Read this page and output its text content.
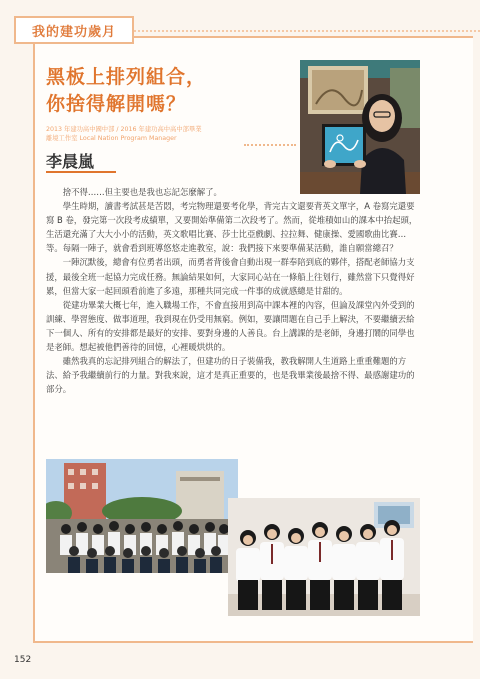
我的建功歲月
黑板上排列組合，
你捨得解開嗎？
2013 年建功高中國中部 / 2016 年建功高中高中部畢業
離境工作室 Local Nation Program Manager
李晨嵐

捨不得……但主要也是我也忘記怎麼解了。

學生時期，讀書考試甚是苦悶，考完物理還要考化學，背完古文還要背英文單字，A 卷寫完還要寫 B 卷，發完第一次段考成績單，又要開始準備第二次段考了。然而，從堆積如山的課本中抬起頭，生活還充滿了大大小小的活動，英文歌唱比賽、莎士比亞戲劇、拉拉舞、健康操、愛國歌曲比賽…等。每隔一陣子，就會看到班導悠悠走進教室，說：我們接下來要準備某活動，誰自願當總召？

一陣沉默後，總會有位勇者出頭，而勇者背後會自動出現一群奉陪到底的夥伴，搭配老師協力支援，最後全班一起協力完成任務。無論結果如何，大家同心站在一條船上往划行，雖然當下只覺得好累，但當大家一起回頭看前進了多遠，那種共同完成一件事的成就感總是甘甜的。

從建功畢業大概七年，進入職場工作，不會直接用到高中課本裡的內容，但論及課堂內外受到的訓練、學習態度、做事道理，我到現在仍受用無窮。例如，要讓問題在自己手上解決，不要繼續丟給下一個人、所有的安排都是最好的安排、要對身邊的人善良。台上講課的是老師，身邊打鬧的同學也是老師。想起被他們善待的回憶，心裡暖烘烘的。

雖然我真的忘記排列組合的解法了，但建功的日子裝備我，教我解開人生道路上重重難題的方法、給予我繼續前行的力量。對我來說，這才是真正重要的，也是我畢業後最捨不得、最感謝建功的部分。

152
